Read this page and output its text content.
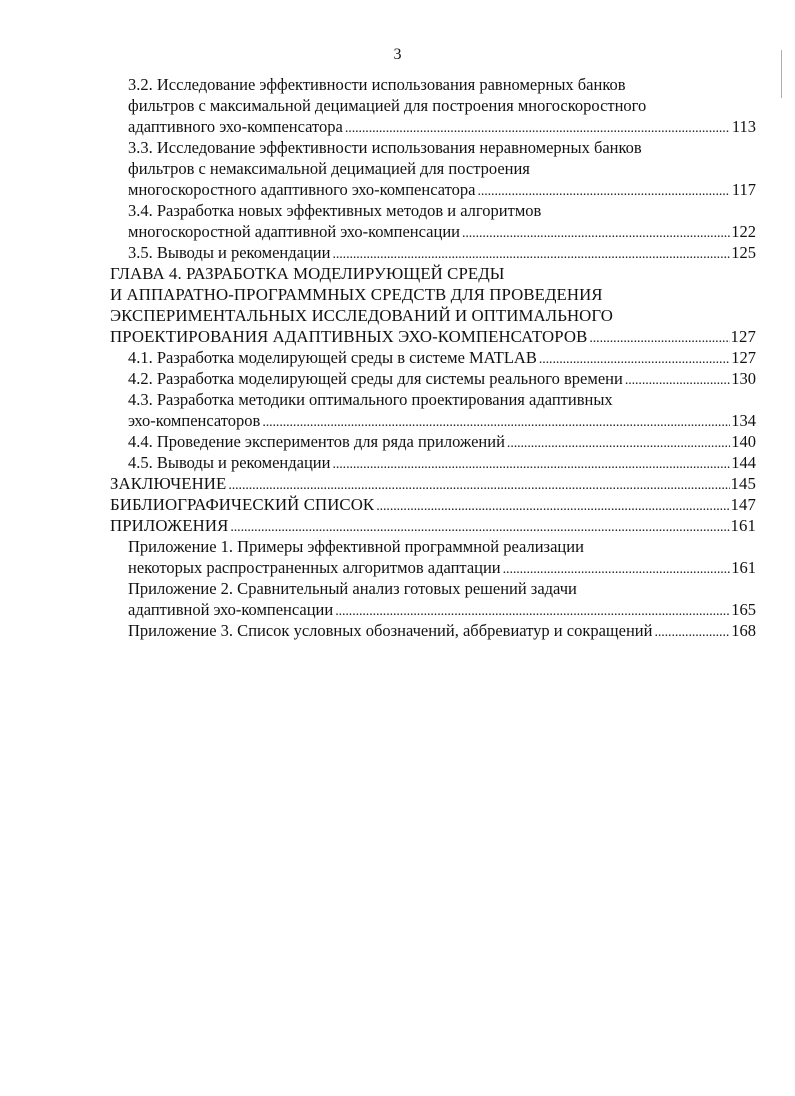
3
3.2. Исследование эффективности использования равномерных банков
фильтров с максимальной децимацией для построения многоскоростного
адаптивного эхо-компенсатора . . .	113
3.3. Исследование эффективности использования неравномерных банков
фильтров с немаксимальной децимацией для построения
многоскоростного адаптивного эхо-компенсатора . . .	117
3.4. Разработка новых эффективных методов и алгоритмов
многоскоростной адаптивной эхо-компенсации . . .	122
3.5. Выводы и рекомендации . . .	125
ГЛАВА 4. РАЗРАБОТКА МОДЕЛИРУЮЩЕЙ СРЕДЫ
И АППАРАТНО-ПРОГРАММНЫХ СРЕДСТВ ДЛЯ ПРОВЕДЕНИЯ
ЭКСПЕРИМЕНТАЛЬНЫХ ИССЛЕДОВАНИЙ И ОПТИМАЛЬНОГО
ПРОЕКТИРОВАНИЯ АДАПТИВНЫХ ЭХО-КОМПЕНСАТОРОВ . . .	127
4.1. Разработка моделирующей среды в системе MATLAB . . .	127
4.2. Разработка моделирующей среды для системы реального времени . . .	130
4.3. Разработка методики оптимального проектирования адаптивных
эхо-компенсаторов . . .	134
4.4. Проведение экспериментов для ряда приложений . . .	140
4.5. Выводы и рекомендации . . .	144
ЗАКЛЮЧЕНИЕ . . .	145
БИБЛИОГРАФИЧЕСКИЙ СПИСОК . . .	147
ПРИЛОЖЕНИЯ . . .	161
Приложение 1. Примеры эффективной программной реализации
некоторых распространенных алгоритмов адаптации . . .	161
Приложение 2. Сравнительный анализ готовых решений задачи
адаптивной эхо-компенсации . . .	165
Приложение 3. Список условных обозначений, аббревиатур и сокращений . . .	168
